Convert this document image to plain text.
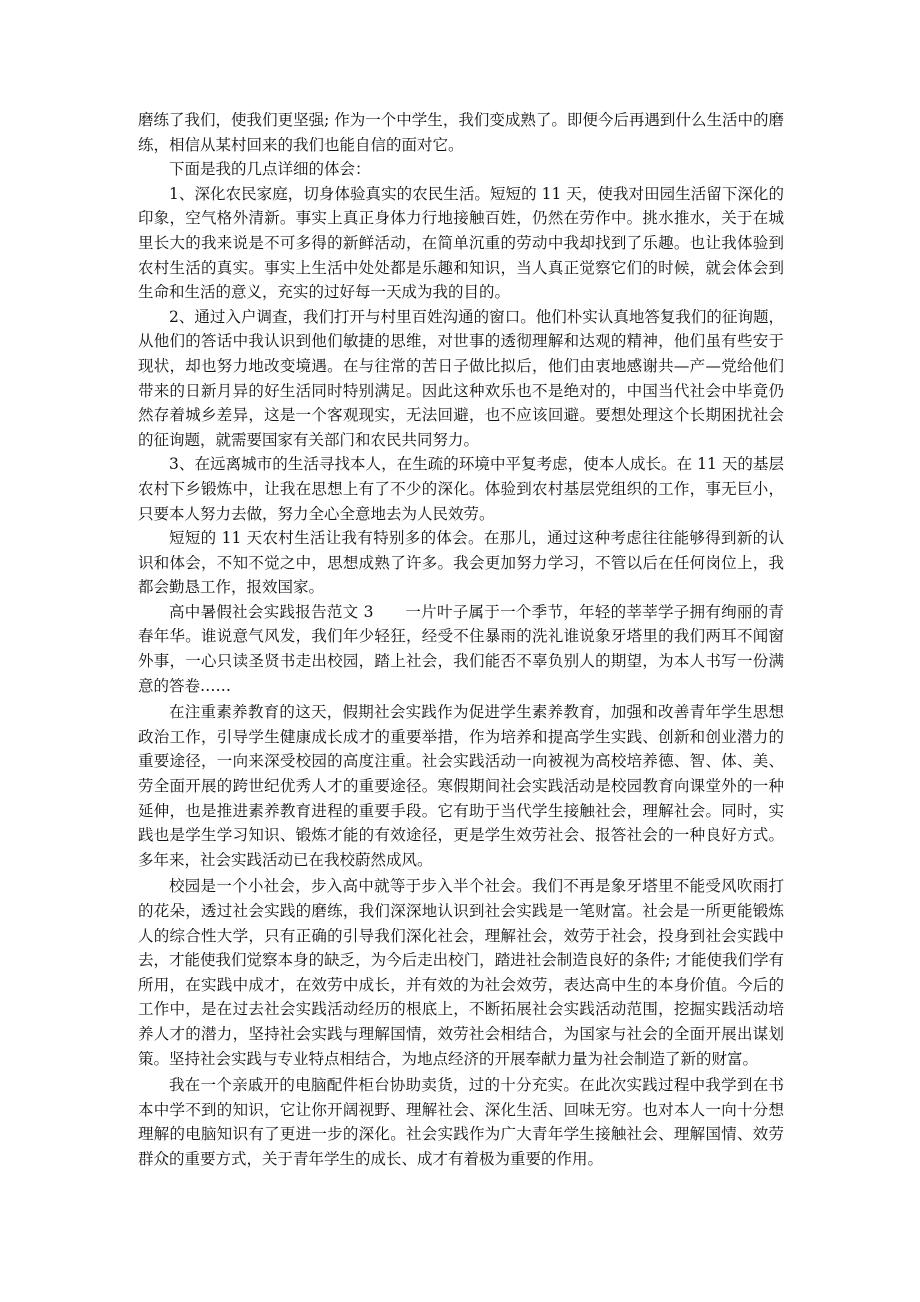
磨练了我们，使我们更坚强; 作为一个中学生，我们变成熟了。即便今后再遇到什么生活中的磨练，相信从某村回来的我们也能自信的面对它。

下面是我的几点详细的体会：

1、深化农民家庭，切身体验真实的农民生活。短短的 11 天，使我对田园生活留下深化的印象，空气格外清新。事实上真正身体力行地接触百姓，仍然在劳作中。挑水推水，关于在城里长大的我来说是不可多得的新鲜活动，在简单沉重的劳动中我却找到了乐趣。也让我体验到农村生活的真实。事实上生活中处处都是乐趣和知识，当人真正觉察它们的时候，就会体会到生命和生活的意义，充实的过好每一天成为我的目的。

2、通过入户调查，我们打开与村里百姓沟通的窗口。他们朴实认真地答复我们的征询题，从他们的答话中我认识到他们敏捷的思维，对世事的透彻理解和达观的精神，他们虽有些安于现状，却也努力地改变境遇。在与往常的苦日子做比拟后，他们由衷地感谢共—产—党给他们带来的日新月异的好生活同时特别满足。因此这种欢乐也不是绝对的，中国当代社会中毕竟仍然存着城乡差异，这是一个客观现实，无法回避，也不应该回避。要想处理这个长期困扰社会的征询题，就需要国家有关部门和农民共同努力。

3、在远离城市的生活寻找本人，在生疏的环境中平复考虑，使本人成长。在 11 天的基层农村下乡锻炼中，让我在思想上有了不少的深化。体验到农村基层党组织的工作，事无巨小，只要本人努力去做，努力全心全意地去为人民效劳。

短短的 11 天农村生活让我有特别多的体会。在那儿，通过这种考虑往往能够得到新的认识和体会，不知不觉之中，思想成熟了许多。我会更加努力学习，不管以后在任何岗位上，我都会勤恳工作，报效国家。

高中暑假社会实践报告范文 3　　一片叶子属于一个季节，年轻的莘莘学子拥有绚丽的青春年华。谁说意气风发，我们年少轻狂，经受不住暴雨的洗礼谁说象牙塔里的我们两耳不闻窗外事，一心只读圣贤书走出校园，踏上社会，我们能否不辜负别人的期望，为本人书写一份满意的答卷……

在注重素养教育的这天，假期社会实践作为促进学生素养教育，加强和改善青年学生思想政治工作，引导学生健康成长成才的重要举措，作为培养和提高学生实践、创新和创业潜力的重要途径，一向来深受校园的高度注重。社会实践活动一向被视为高校培养德、智、体、美、劳全面开展的跨世纪优秀人才的重要途径。寒假期间社会实践活动是校园教育向课堂外的一种延伸，也是推进素养教育进程的重要手段。它有助于当代学生接触社会，理解社会。同时，实践也是学生学习知识、锻炼才能的有效途径，更是学生效劳社会、报答社会的一种良好方式。多年来，社会实践活动已在我校蔚然成风。

校园是一个小社会，步入高中就等于步入半个社会。我们不再是象牙塔里不能受风吹雨打的花朵，透过社会实践的磨练，我们深深地认识到社会实践是一笔财富。社会是一所更能锻炼人的综合性大学，只有正确的引导我们深化社会，理解社会，效劳于社会，投身到社会实践中去，才能使我们觉察本身的缺乏，为今后走出校门，踏进社会制造良好的条件; 才能使我们学有所用，在实践中成才，在效劳中成长，并有效的为社会效劳，表达高中生的本身价值。今后的工作中，是在过去社会实践活动经历的根底上，不断拓展社会实践活动范围，挖掘实践活动培养人才的潜力，坚持社会实践与理解国情，效劳社会相结合，为国家与社会的全面开展出谋划策。坚持社会实践与专业特点相结合，为地点经济的开展奉献力量为社会制造了新的财富。

我在一个亲戚开的电脑配件柜台协助卖货，过的十分充实。在此次实践过程中我学到在书本中学不到的知识，它让你开阔视野、理解社会、深化生活、回味无穷。也对本人一向十分想理解的电脑知识有了更进一步的深化。社会实践作为广大青年学生接触社会、理解国情、效劳群众的重要方式，关于青年学生的成长、成才有着极为重要的作用。
